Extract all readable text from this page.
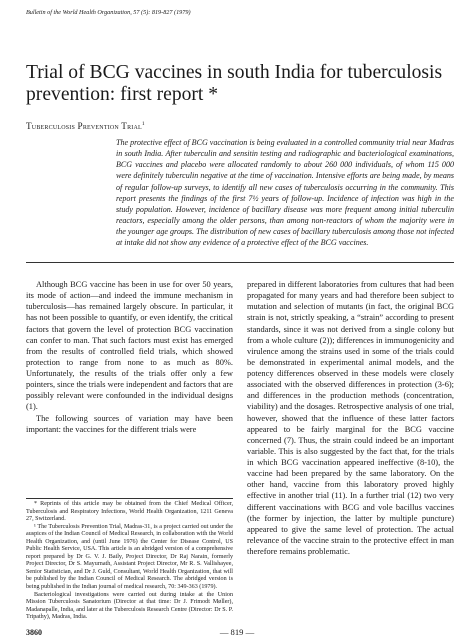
Bulletin of the World Health Organization, 57 (5): 819-827 (1979)
Trial of BCG vaccines in south India for tuberculosis prevention: first report *
Tuberculosis Prevention Trial$^1$

The protective effect of BCG vaccination is being evaluated in a controlled community trial near Madras in south India. After tuberculin and sensitin testing and radiographic and bacteriological examinations, BCG vaccines and placebo were allocated randomly to about 260 000 individuals, of whom 115 000 were definitely tuberculin negative at the time of vaccination. Intensive efforts are being made, by means of regular follow-up surveys, to identify all new cases of tuberculosis occurring in the community. This report presents the findings of the first 7½ years of follow-up. Incidence of infection was high in the study population. However, incidence of bacillary disease was more frequent among initial tuberculin reactors, especially among the older persons, than among non-reactors of whom the majority were in the younger age groups. The distribution of new cases of bacillary tuberculosis among those not infected at intake did not show any evidence of a protective effect of the BCG vaccines.

Although BCG vaccine has been in use for over 50 years, its mode of action—and indeed the immune mechanism in tuberculosis—has remained largely obscure. In particular, it has not been possible to quantify, or even identify, the critical factors that govern the level of protection BCG vaccination can confer to man. That such factors must exist has emerged from the results of controlled field trials, which showed protection to range from none to as much as 80%. Unfortunately, the results of the trials offer only a few pointers, since the trials were independent and factors that are possibly relevant were confounded in the individual designs (1).

The following sources of variation may have been important: the vaccines for the different trials were

prepared in different laboratories from cultures that had been propagated for many years and had therefore been subject to mutation and selection of mutants (in fact, the original BCG strain is not, strictly speaking, a “strain” according to present standards, since it was not derived from a single colony but from a whole culture (2)); differences in immunogenicity and virulence among the strains used in some of the trials could be demonstrated in experimental animal models, and the potency differences observed in these models were closely associated with the observed differences in protection (3-6); and differences in the production methods (concentration, viability) and the dosages. Retrospective analysis of one trial, however, showed that the influence of these latter factors appeared to be fairly marginal for the BCG vaccine concerned (7). Thus, the strain could indeed be an important variable. This is also suggested by the fact that, for the trials in which BCG vaccination appeared ineffective (8-10), the vaccine had been prepared by the same laboratory. On the other hand, vaccine from this laboratory proved highly effective in another trial (11). In a further trial (12) two very different vaccinations with BCG and vole bacillus vaccines (the former by injection, the latter by multiple puncture) appeared to give the same level of protection. The actual relevance of the vaccine strain to the protective effect in man therefore remains problematic.

* Reprints of this article may be obtained from the Chief Medical Officer, Tuberculosis and Respiratory Infections, World Health Organization, 1211 Geneva 27, Switzerland.

¹ The Tuberculosis Prevention Trial, Madras-31, is a project carried out under the auspices of the Indian Council of Medical Research, in collaboration with the World Health Organization, and (until June 1976) the Center for Disease Control, US Public Health Service, USA. This article is an abridged version of a comprehensive report prepared by Dr G. V. J. Baily, Project Director, Dr Raj Narain, formerly Project Director, Dr S. Mayurnath, Assistant Project Director, Mr R. S. Vallishayee, Senior Statistician, and Dr J. Guld, Consultant, World Health Organization, that will be published by the Indian Council of Medical Research. The abridged version is being published in the Indian journal of medical research, 70: 349-363 (1979).

Bacteriological investigations were carried out during intake at the Union Mission Tuberculosis Sanatorium (Director at that time: Dr J. Frimodt Møller), Madanapalle, India, and later at the Tuberculosis Research Centre (Director: Dr S. P. Tripathy), Madras, India.

3860	— 819 —
